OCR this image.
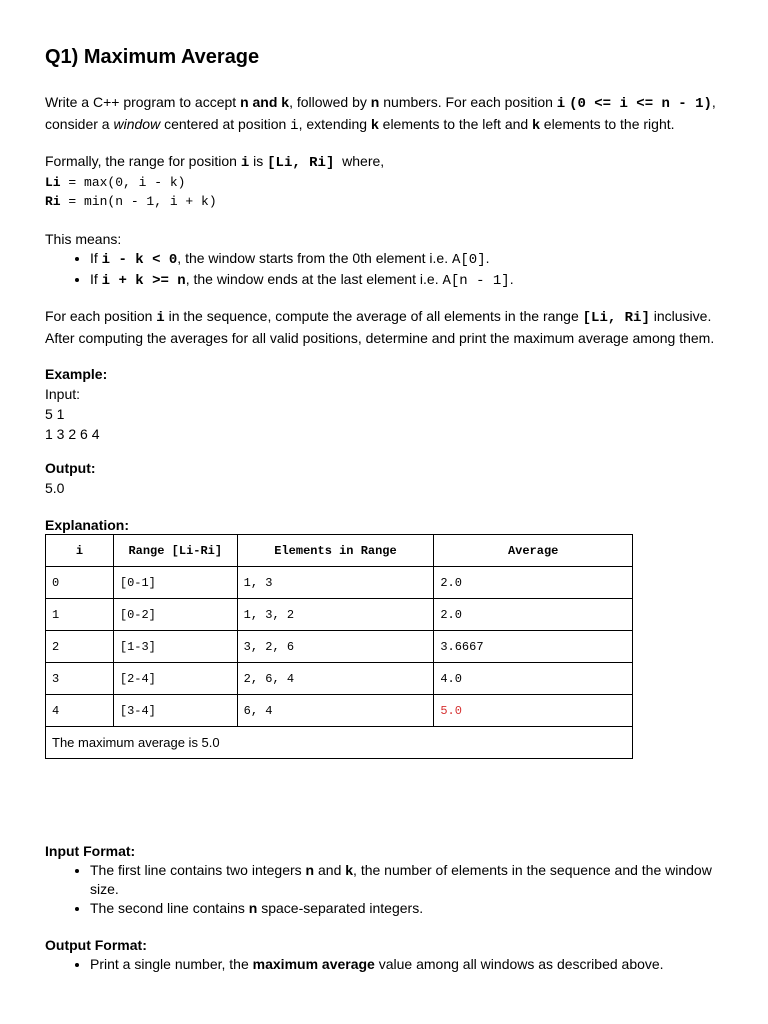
Q1) Maximum Average

Write a C++ program to accept n and k, followed by n numbers. For each position i (0 <= i <= n - 1),

consider a window centered at position i, extending k elements to the left and k elements to the right.

Formally, the range for position i is [Li, Ri]  where,

Li = max(0, i - k)

Ri = min(n - 1, i + k)

This means:

• If i - k < 0, the window starts from the 0th element i.e. A[0].
• If i + k >= n, the window ends at the last element i.e. A[n - 1].

For each position i in the sequence, compute the average of all elements in the range [Li, Ri] inclusive.

After computing the averages for all valid positions, determine and print the maximum average among them.

Example:

Input:

5 1

1 3 2 6 4

Output:

5.0

Explanation:

i	Range [Li-Ri]	Elements in Range	Average
0	[0-1]	1, 3	2.0
1	[0-2]	1, 3, 2	2.0
2	[1-3]	3, 2, 6	3.6667
3	[2-4]	2, 6, 4	4.0
4	[3-4]	6, 4	5.0
The maximum average is 5.0			

Input Format:

• The first line contains two integers n and k, the number of elements in the sequence and the window size.
• The second line contains n space-separated integers.

Output Format:

• Print a single number, the maximum average value among all windows as described above.
